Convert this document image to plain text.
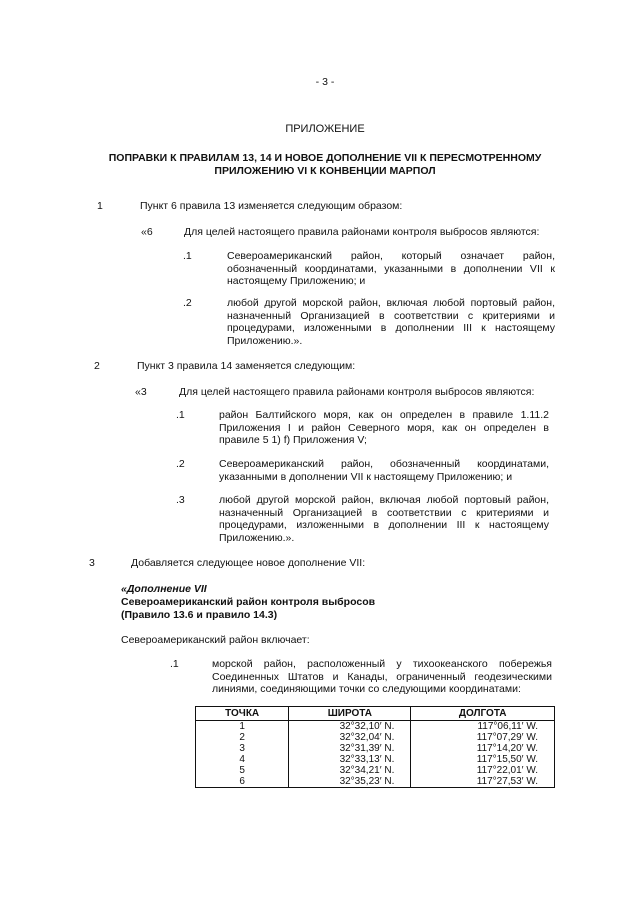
- 3 -
ПРИЛОЖЕНИЕ
ПОПРАВКИ К ПРАВИЛАМ 13, 14 И НОВОЕ ДОПОЛНЕНИЕ VII К ПЕРЕСМОТРЕННОМУ
ПРИЛОЖЕНИЮ VI К КОНВЕНЦИИ МАРПОЛ
1	Пункт 6 правила 13 изменяется следующим образом:
«6	Для целей настоящего правила районами контроля выбросов являются:
.1	Североамериканский район, который означает район, обозначенный координатами, указанными в дополнении VII к настоящему Приложению; и
.2	любой другой морской район, включая любой портовый район, назначенный Организацией в соответствии с критериями и процедурами, изложенными в дополнении III к настоящему Приложению.».
2	Пункт 3 правила 14 заменяется следующим:
«3	Для целей настоящего правила районами контроля выбросов являются:
.1	район Балтийского моря, как он определен в правиле 1.11.2 Приложения I и район Северного моря, как он определен в правиле 5 1) f) Приложения V;
.2	Североамериканский район, обозначенный координатами, указанными в дополнении VII к настоящему Приложению; и
.3	любой другой морской район, включая любой портовый район, назначенный Организацией в соответствии с критериями и процедурами, изложенными в дополнении III к настоящему Приложению.».
3	Добавляется следующее новое дополнение VII:
«Дополнение VII
Североамериканский район контроля выбросов
(Правило 13.6 и правило 14.3)
Североамериканский район включает:
.1	морской район, расположенный у тихоокеанского побережья Соединенных Штатов и Канады, ограниченный геодезическими линиями, соединяющими точки со следующими координатами:
ТОЧКА	ШИРОТА	ДОЛГОТА
1	32°32,10′ N.	117°06,11′ W.
2	32°32,04′ N.	117°07,29′ W.
3	32°31,39′ N.	117°14,20′ W.
4	32°33,13′ N.	117°15,50′ W.
5	32°34,21′ N.	117°22,01′ W.
6	32°35,23′ N.	117°27,53′ W.
